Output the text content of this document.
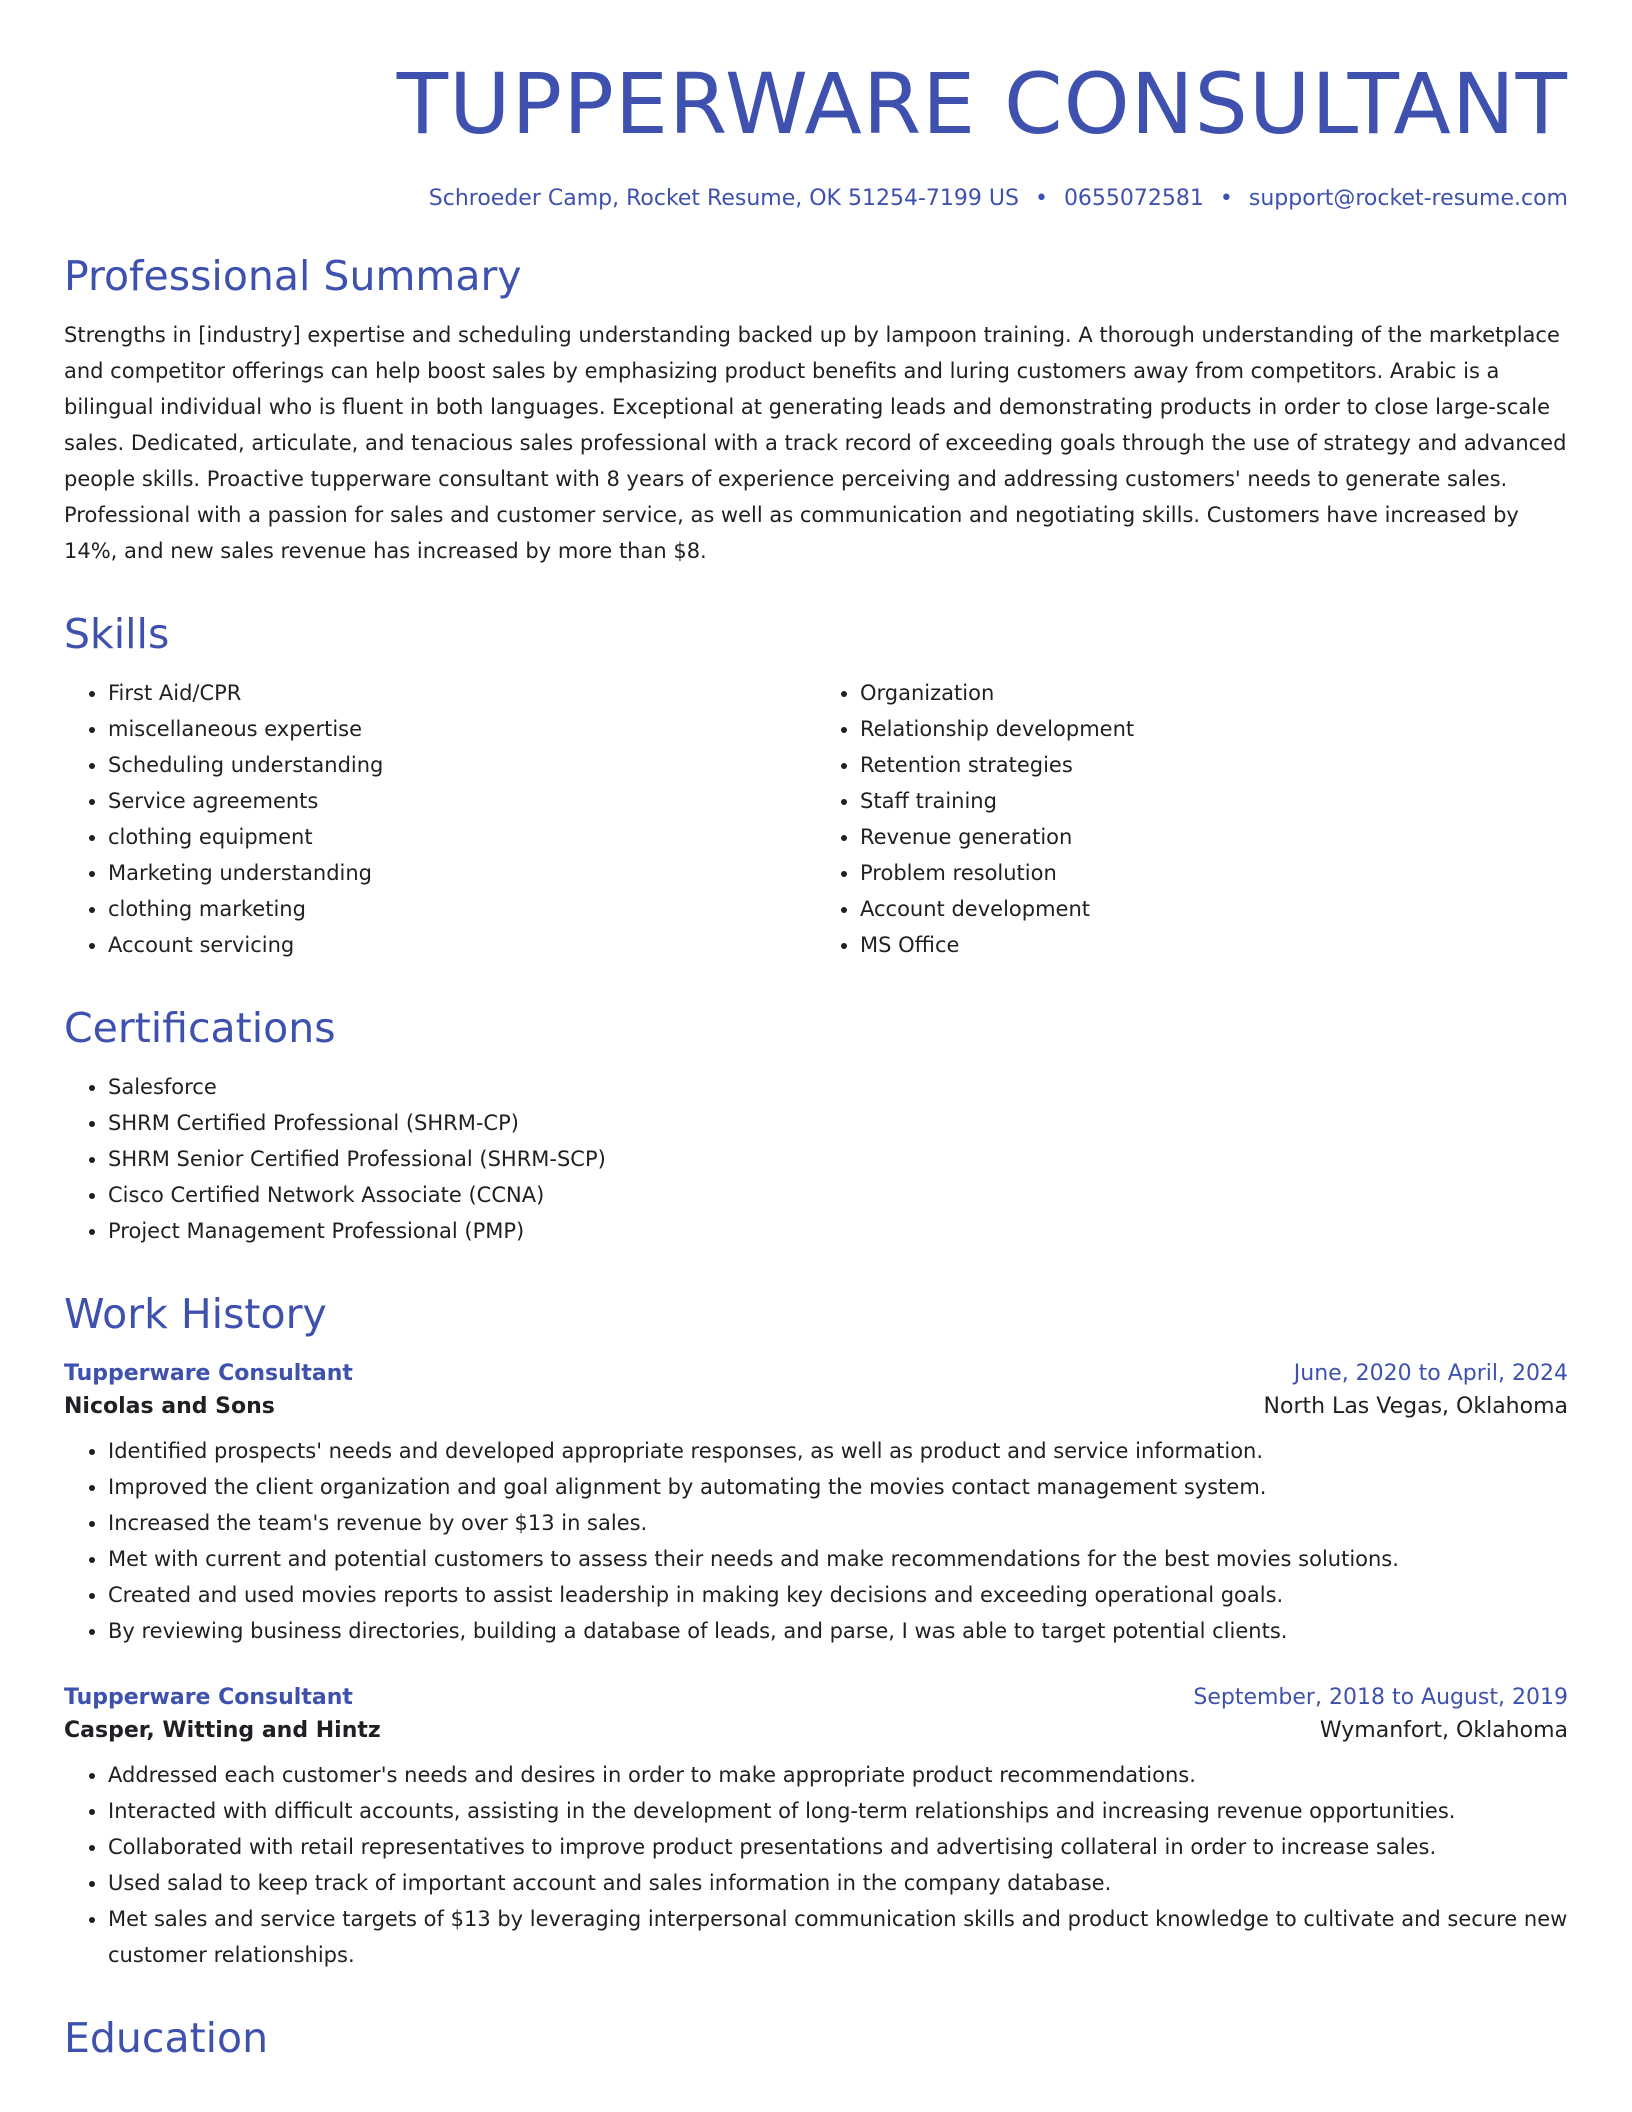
TUPPERWARE CONSULTANT
Schroeder Camp, Rocket Resume, OK 51254-7199 US • 0655072581 • support@rocket-resume.com
Professional Summary

Strengths in [industry] expertise and scheduling understanding backed up by lampoon training. A thorough understanding of the marketplace and competitor offerings can help boost sales by emphasizing product benefits and luring customers away from competitors. Arabic is a bilingual individual who is fluent in both languages. Exceptional at generating leads and demonstrating products in order to close large-scale sales. Dedicated, articulate, and tenacious sales professional with a track record of exceeding goals through the use of strategy and advanced people skills. Proactive tupperware consultant with 8 years of experience perceiving and addressing customers' needs to generate sales. Professional with a passion for sales and customer service, as well as communication and negotiating skills. Customers have increased by 14%, and new sales revenue has increased by more than $8.

Skills
• First Aid/CPR
• miscellaneous expertise
• Scheduling understanding
• Service agreements
• clothing equipment
• Marketing understanding
• clothing marketing
• Account servicing
• Organization
• Relationship development
• Retention strategies
• Staff training
• Revenue generation
• Problem resolution
• Account development
• MS Office
Certifications
• Salesforce
• SHRM Certified Professional (SHRM-CP)
• SHRM Senior Certified Professional (SHRM-SCP)
• Cisco Certified Network Associate (CCNA)
• Project Management Professional (PMP)
Work History
Tupperware Consultant	June, 2020 to April, 2024
Nicolas and Sons	North Las Vegas, Oklahoma
• Identified prospects' needs and developed appropriate responses, as well as product and service information.
• Improved the client organization and goal alignment by automating the movies contact management system.
• Increased the team's revenue by over $13 in sales.
• Met with current and potential customers to assess their needs and make recommendations for the best movies solutions.
• Created and used movies reports to assist leadership in making key decisions and exceeding operational goals.
• By reviewing business directories, building a database of leads, and parse, I was able to target potential clients.
Tupperware Consultant	September, 2018 to August, 2019
Casper, Witting and Hintz	Wymanfort, Oklahoma
• Addressed each customer's needs and desires in order to make appropriate product recommendations.
• Interacted with difficult accounts, assisting in the development of long-term relationships and increasing revenue opportunities.
• Collaborated with retail representatives to improve product presentations and advertising collateral in order to increase sales.
• Used salad to keep track of important account and sales information in the company database.
• Met sales and service targets of $13 by leveraging interpersonal communication skills and product knowledge to cultivate and secure new customer relationships.
Education
